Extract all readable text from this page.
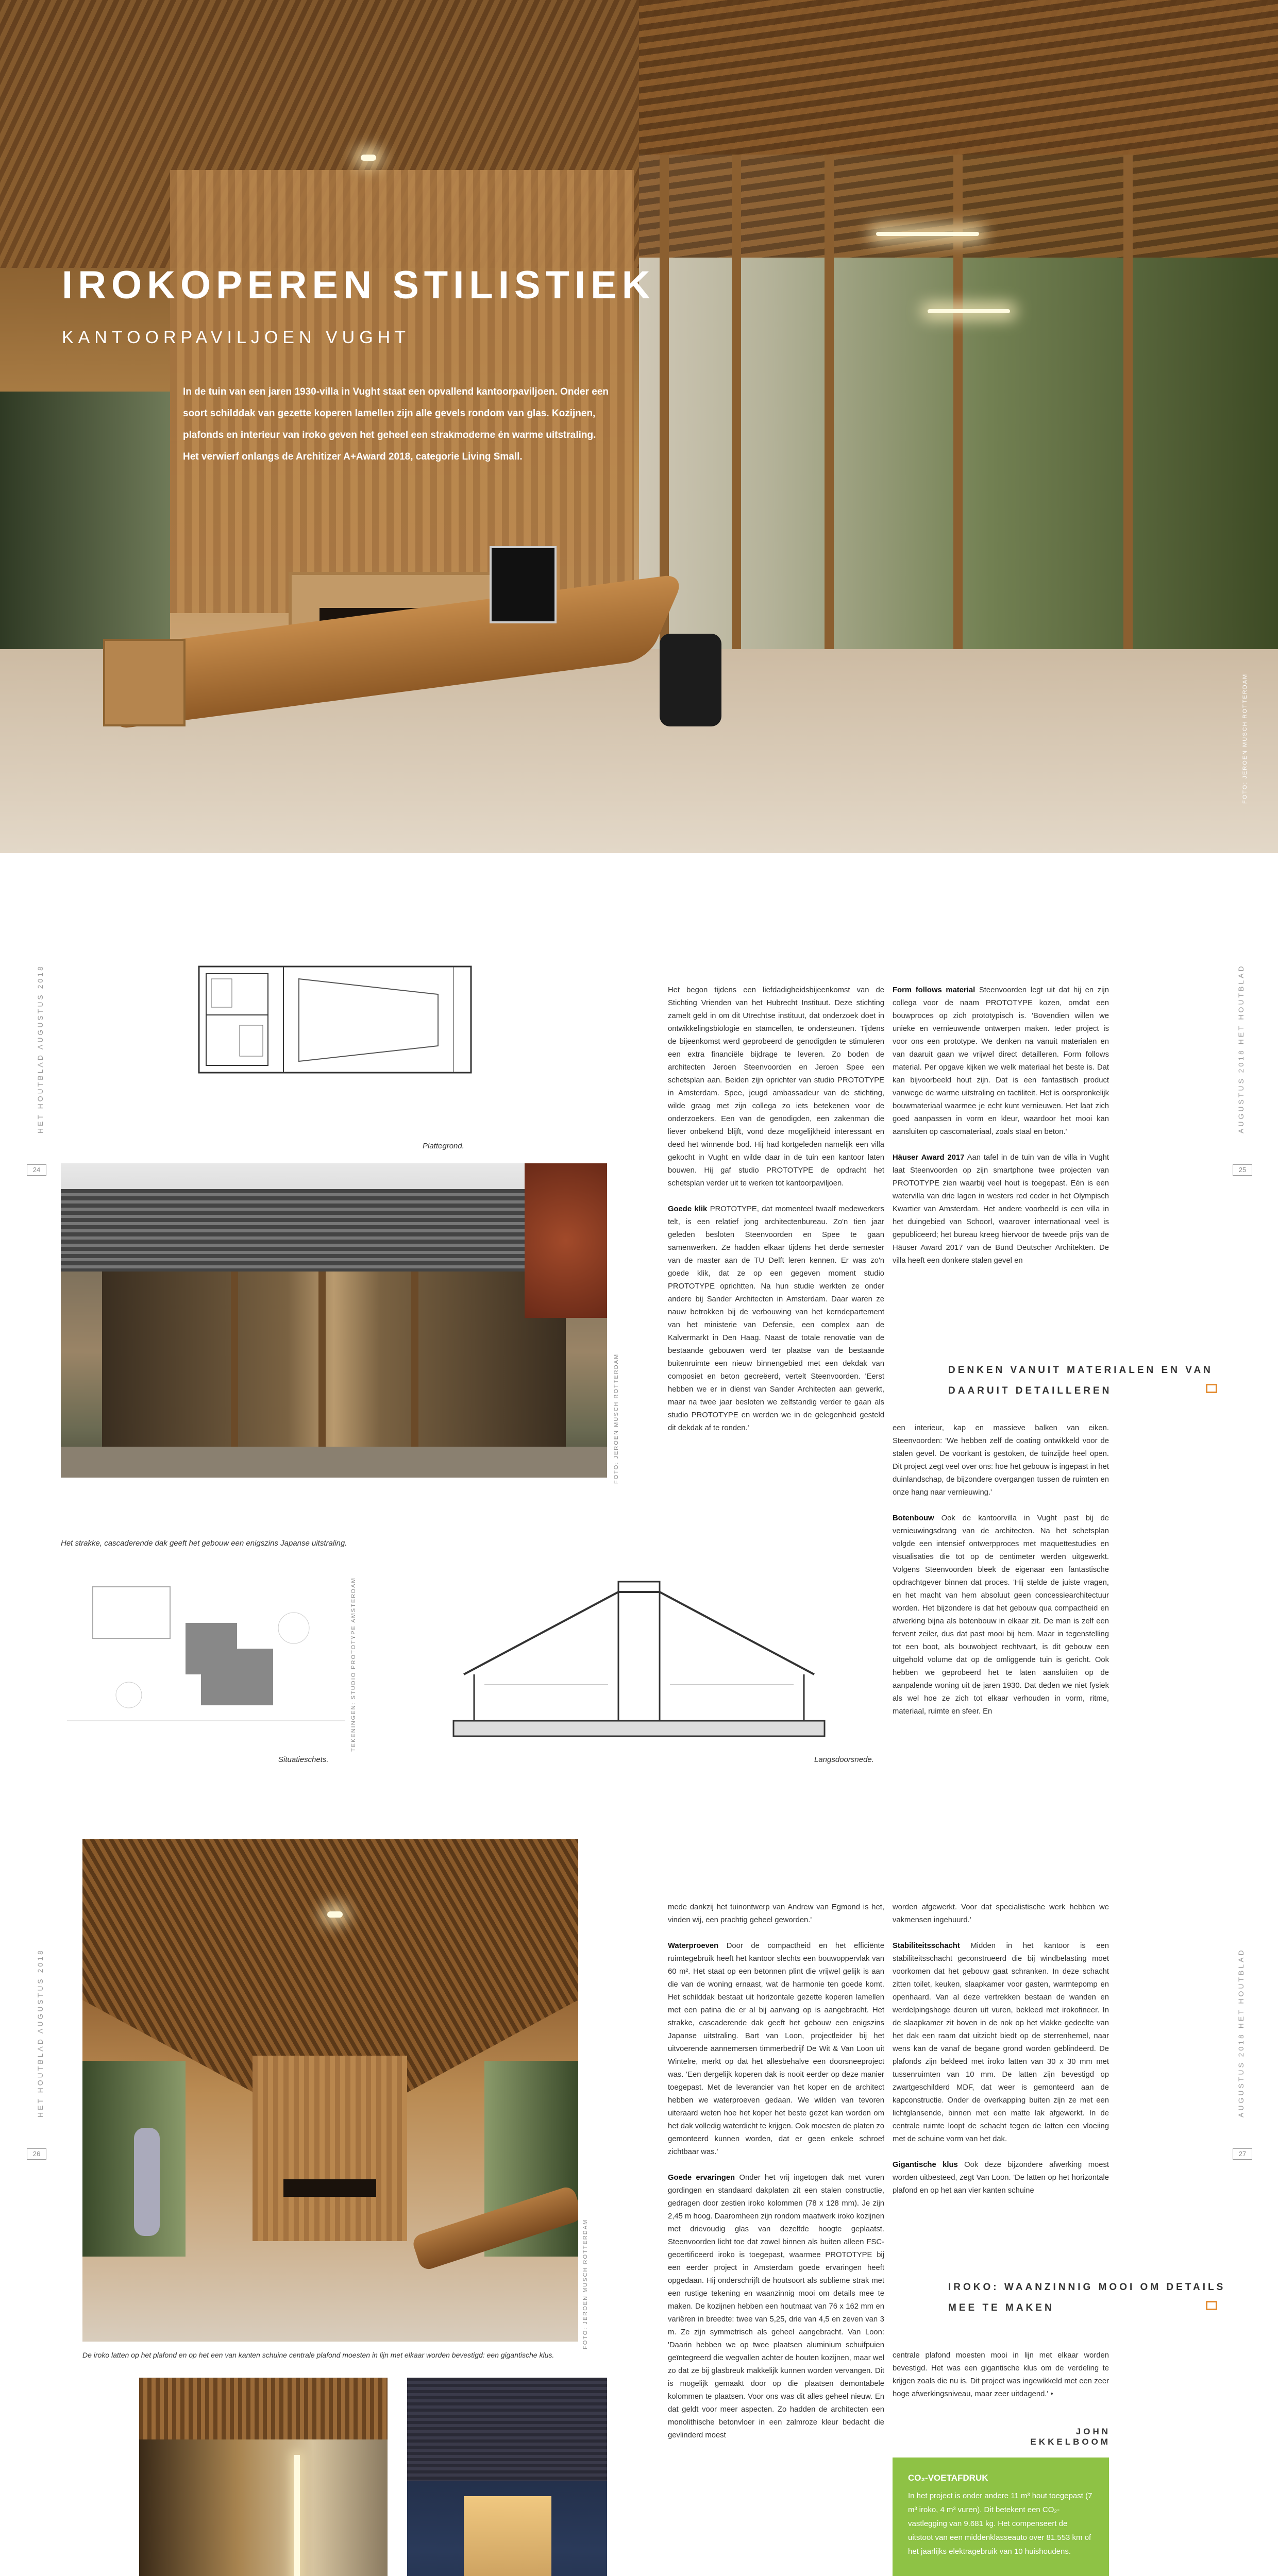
IROKOPEREN STILISTIEK
KANTOORPAVILJOEN VUGHT
In de tuin van een jaren 1930-villa in Vught staat een opvallend kantoorpaviljoen. Onder een soort schilddak van gezette koperen lamellen zijn alle gevels rondom van glas. Kozijnen, plafonds en interieur van iroko geven het geheel een strakmoderne én warme uitstraling. Het verwierf onlangs de Architizer A+Award 2018, categorie Living Small.
FOTO: JEROEN MUSCH ROTTERDAM
HET HOUTBLAD AUGUSTUS 2018
24
AUGUSTUS 2018 HET HOUTBLAD
25
Plattegrond.
FOTO: JEROEN MUSCH ROTTERDAM
Het strakke, cascaderende dak geeft het gebouw een enigszins Japanse uitstraling.
Situatieschets.
TEKENINGEN: STUDIO PROTOTYPE AMSTERDAM
Langsdoorsnede.

Het begon tijdens een liefdadigheidsbijeenkomst van de Stichting Vrienden van het Hubrecht Instituut. Deze stichting zamelt geld in om dit Utrechtse instituut, dat onderzoek doet in ontwikkelingsbiologie en stamcellen, te ondersteunen. Tijdens de bijeenkomst werd geprobeerd de genodigden te stimuleren een extra financiële bijdrage te leveren. Zo boden de architecten Jeroen Steenvoorden en Jeroen Spee een schetsplan aan. Beiden zijn oprichter van studio PROTOTYPE in Amsterdam. Spee, jeugd ambassadeur van de stichting, wilde graag met zijn collega zo iets betekenen voor de onderzoekers. Een van de genodigden, een zakenman die liever onbekend blijft, vond deze mogelijkheid interessant en deed het winnende bod. Hij had kortgeleden namelijk een villa gekocht in Vught en wilde daar in de tuin een kantoor laten bouwen. Hij gaf studio PROTOTYPE de opdracht het schetsplan verder uit te werken tot kantoorpaviljoen.

Goede klik PROTOTYPE, dat momenteel twaalf medewerkers telt, is een relatief jong architectenbureau. Zo'n tien jaar geleden besloten Steenvoorden en Spee te gaan samenwerken. Ze hadden elkaar tijdens het derde semester van de master aan de TU Delft leren kennen. Er was zo'n goede klik, dat ze op een gegeven moment studio PROTOTYPE oprichtten. Na hun studie werkten ze onder andere bij Sander Architecten in Amsterdam. Daar waren ze nauw betrokken bij de verbouwing van het kerndepartement van het ministerie van Defensie, een complex aan de Kalvermarkt in Den Haag. Naast de totale renovatie van de bestaande gebouwen werd ter plaatse van de bestaande buitenruimte een nieuw binnengebied met een dekdak van composiet en beton gecreëerd, vertelt Steenvoorden. 'Eerst hebben we er in dienst van Sander Architecten aan gewerkt, maar na twee jaar besloten we zelfstandig verder te gaan als studio PROTOTYPE en werden we in de gelegenheid gesteld dit dekdak af te ronden.'

Form follows material Steenvoorden legt uit dat hij en zijn collega voor de naam PROTOTYPE kozen, omdat een bouwproces op zich prototypisch is. 'Bovendien willen we unieke en vernieuwende ontwerpen maken. Ieder project is voor ons een prototype. We denken na vanuit materialen en van daaruit gaan we vrijwel direct detailleren. Form follows material. Per opgave kijken we welk materiaal het beste is. Dat kan bijvoorbeeld hout zijn. Dat is een fantastisch product vanwege de warme uitstraling en tactiliteit. Het is oorspronkelijk bouwmateriaal waarmee je echt kunt vernieuwen. Het laat zich goed aanpassen in vorm en kleur, waardoor het mooi kan aansluiten op cascomateriaal, zoals staal en beton.'

Häuser Award 2017 Aan tafel in de tuin van de villa in Vught laat Steenvoorden op zijn smartphone twee projecten van PROTOTYPE zien waarbij veel hout is toegepast. Eén is een watervilla van drie lagen in westers red ceder in het Olympisch Kwartier van Amsterdam. Het andere voorbeeld is een villa in het duingebied van Schoorl, waarover internationaal veel is gepubliceerd; het bureau kreeg hiervoor de tweede prijs van de Häuser Award 2017 van de Bund Deutscher Architekten. De villa heeft een donkere stalen gevel en

DENKEN VANUIT MATERIALEN EN VAN DAARUIT DETAILLEREN

een interieur, kap en massieve balken van eiken. Steenvoorden: 'We hebben zelf de coating ontwikkeld voor de stalen gevel. De voorkant is gestoken, de tuinzijde heel open. Dit project zegt veel over ons: hoe het gebouw is ingepast in het duinlandschap, de bijzondere overgangen tussen de ruimten en onze hang naar vernieuwing.'

Botenbouw Ook de kantoorvilla in Vught past bij de vernieuwingsdrang van de architecten. Na het schetsplan volgde een intensief ontwerpproces met maquettestudies en visualisaties die tot op de centimeter werden uitgewerkt. Volgens Steenvoorden bleek de eigenaar een fantastische opdrachtgever binnen dat proces. 'Hij stelde de juiste vragen, en het macht van hem absoluut geen concessiearchitectuur worden. Het bijzondere is dat het gebouw qua compactheid en afwerking bijna als botenbouw in elkaar zit. De man is zelf een fervent zeiler, dus dat past mooi bij hem. Maar in tegenstelling tot een boot, als bouwobject rechtvaart, is dit gebouw een uitgehold volume dat op de omliggende tuin is gericht. Ook hebben we geprobeerd het te laten aansluiten op de aanpalende woning uit de jaren 1930. Dat deden we niet fysiek als wel hoe ze zich tot elkaar verhouden in vorm, ritme, materiaal, ruimte en sfeer. En

HET HOUTBLAD AUGUSTUS 2018
26
AUGUSTUS 2018 HET HOUTBLAD
27
FOTO: JEROEN MUSCH ROTTERDAM
De iroko latten op het plafond en op het een van kanten schuine centrale plafond moesten in lijn met elkaar worden bevestigd: een gigantische klus.

mede dankzij het tuinontwerp van Andrew van Egmond is het, vinden wij, een prachtig geheel geworden.'

Waterproeven Door de compactheid en het efficiënte ruimtegebruik heeft het kantoor slechts een bouwoppervlak van 60 m². Het staat op een betonnen plint die vrijwel gelijk is aan die van de woning ernaast, wat de harmonie ten goede komt. Het schilddak bestaat uit horizontale gezette koperen lamellen met een patina die er al bij aanvang op is aangebracht. Het strakke, cascaderende dak geeft het gebouw een enigszins Japanse uitstraling. Bart van Loon, projectleider bij het uitvoerende aannemersen timmerbedrijf De Wit & Van Loon uit Wintelre, merkt op dat het allesbehalve een doorsneeproject was. 'Een dergelijk koperen dak is nooit eerder op deze manier toegepast. Met de leverancier van het koper en de architect hebben we waterproeven gedaan. We wilden van tevoren uiteraard weten hoe het koper het beste gezet kan worden om het dak volledig waterdicht te krijgen. Ook moesten de platen zo gemonteerd kunnen worden, dat er geen enkele schroef zichtbaar was.'

Goede ervaringen Onder het vrij ingetogen dak met vuren gordingen en standaard dakplaten zit een stalen constructie, gedragen door zestien iroko kolommen (78 x 128 mm). Je zijn 2,45 m hoog. Daaromheen zijn rondom maatwerk iroko kozijnen met drievoudig glas van dezelfde hoogte geplaatst. Steenvoorden licht toe dat zowel binnen als buiten alleen FSC-gecertificeerd iroko is toegepast, waarmee PROTOTYPE bij een eerder project in Amsterdam goede ervaringen heeft opgedaan. Hij onderschrijft de houtsoort als sublieme strak met een rustige tekening en waanzinnig mooi om details mee te maken. De kozijnen hebben een houtmaat van 76 x 162 mm en variëren in breedte: twee van 5,25, drie van 4,5 en zeven van 3 m. Ze zijn symmetrisch als geheel aangebracht. Van Loon: 'Daarin hebben we op twee plaatsen aluminium schuifpuien geïntegreerd die wegvallen achter de houten kozijnen, maar wel zo dat ze bij glasbreuk makkelijk kunnen worden vervangen. Dit is mogelijk gemaakt door op die plaatsen demontabele kolommen te plaatsen. Voor ons was dit alles geheel nieuw. En dat geldt voor meer aspecten. Zo hadden de architecten een monolithische betonvloer in een zalmroze kleur bedacht die gevlinderd moest

worden afgewerkt. Voor dat specialistische werk hebben we vakmensen ingehuurd.'

Stabiliteitsschacht Midden in het kantoor is een stabiliteitsschacht geconstrueerd die bij windbelasting moet voorkomen dat het gebouw gaat schranken. In deze schacht zitten toilet, keuken, slaapkamer voor gasten, warmtepomp en openhaard. Van al deze vertrekken bestaan de wanden en werdelpingshoge deuren uit vuren, bekleed met irokofineer. In de slaapkamer zit boven in de nok op het vlakke gedeelte van het dak een raam dat uitzicht biedt op de sterrenhemel, naar wens kan de vanaf de begane grond worden geblindeerd. De plafonds zijn bekleed met iroko latten van 30 x 30 mm met tussenruimten van 10 mm. De latten zijn bevestigd op zwartgeschilderd MDF, dat weer is gemonteerd aan de kapconstructie. Onder de overkapping buiten zijn ze met een lichtglansende, binnen met een matte lak afgewerkt. In de centrale ruimte loopt de schacht tegen de latten een vloeiing met de schuine vorm van het dak.

Gigantische klus Ook deze bijzondere afwerking moest worden uitbesteed, zegt Van Loon. 'De latten op het horizontale plafond en op het aan vier kanten schuine

IROKO: WAANZINNIG MOOI OM DETAILS MEE TE MAKEN

centrale plafond moesten mooi in lijn met elkaar worden bevestigd. Het was een gigantische klus om de verdeling te krijgen zoals die nu is. Dit project was ingewikkeld met een zeer hoge afwerkingsniveau, maar zeer uitdagend.' •

JOHN EKKELBOOM
CO₂-VOETAFDRUK
In het project is onder andere 11 m³ hout toegepast (7 m³ iroko, 4 m³ vuren). Dit betekent een CO₂-vastlegging van 9.681 kg. Het compenseert de uitstoot van een middenklasseauto over 81.553 km of het jaarlijks elektragebruik van 10 huishoudens.
